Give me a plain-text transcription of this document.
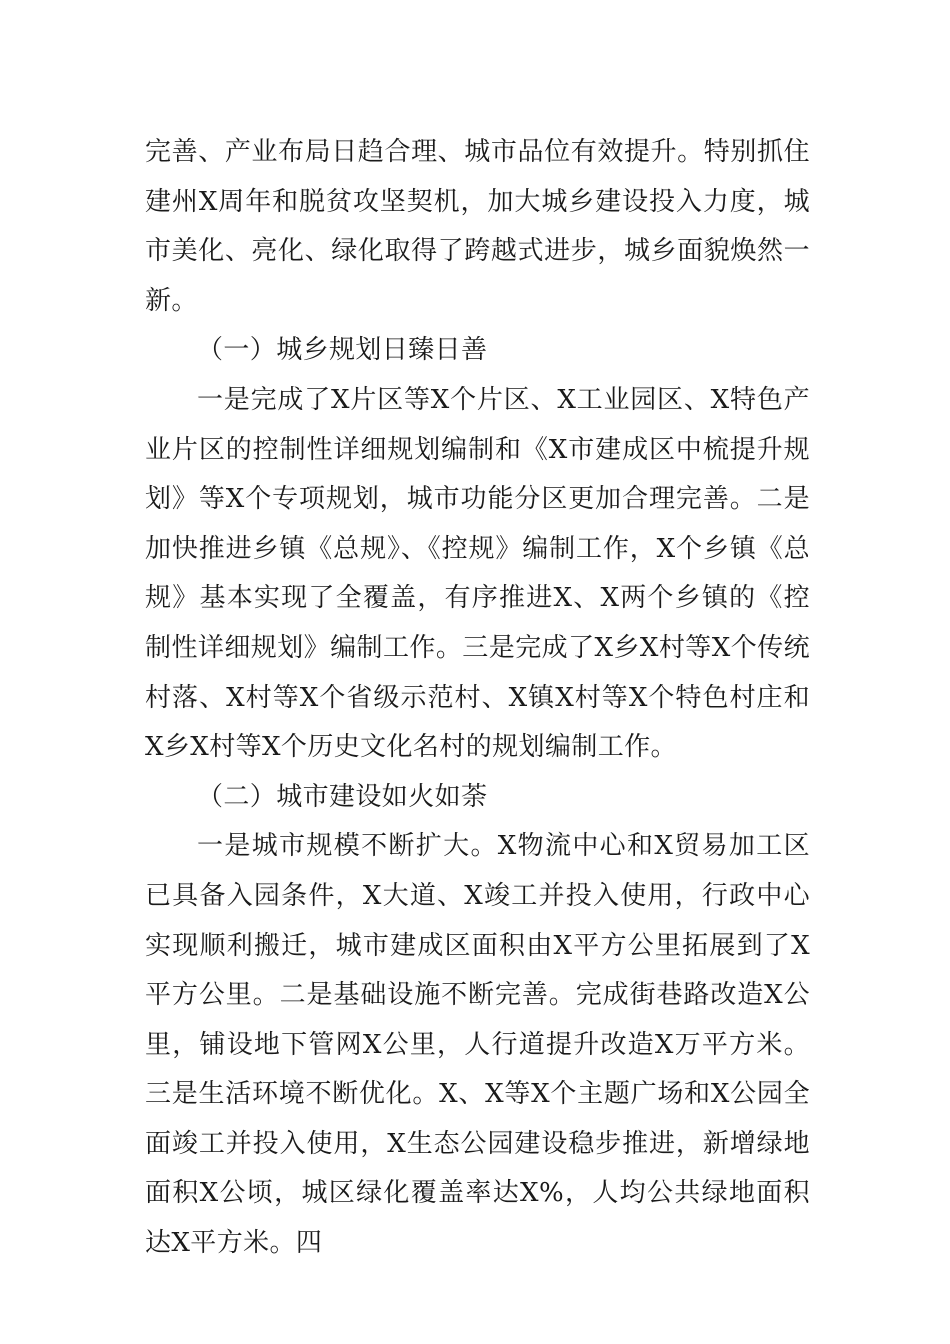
完善、产业布局日趋合理、城市品位有效提升。特别抓住建州X周年和脱贫攻坚契机，加大城乡建设投入力度，城市美化、亮化、绿化取得了跨越式进步，城乡面貌焕然一新。

（一）城乡规划日臻日善

一是完成了X片区等X个片区、X工业园区、X特色产业片区的控制性详细规划编制和《X市建成区中梳提升规划》等X个专项规划，城市功能分区更加合理完善。二是加快推进乡镇《总规》、《控规》编制工作，X个乡镇《总规》基本实现了全覆盖，有序推进X、X两个乡镇的《控制性详细规划》编制工作。三是完成了X乡X村等X个传统村落、X村等X个省级示范村、X镇X村等X个特色村庄和X乡X村等X个历史文化名村的规划编制工作。

（二）城市建设如火如荼

一是城市规模不断扩大。X物流中心和X贸易加工区已具备入园条件，X大道、X竣工并投入使用，行政中心实现顺利搬迁，城市建成区面积由X平方公里拓展到了X平方公里。二是基础设施不断完善。完成街巷路改造X公里，铺设地下管网X公里，人行道提升改造X万平方米。三是生活环境不断优化。X、X等X个主题广场和X公园全面竣工并投入使用，X生态公园建设稳步推进，新增绿地面积X公顷，城区绿化覆盖率达X%，人均公共绿地面积达X平方米。四
